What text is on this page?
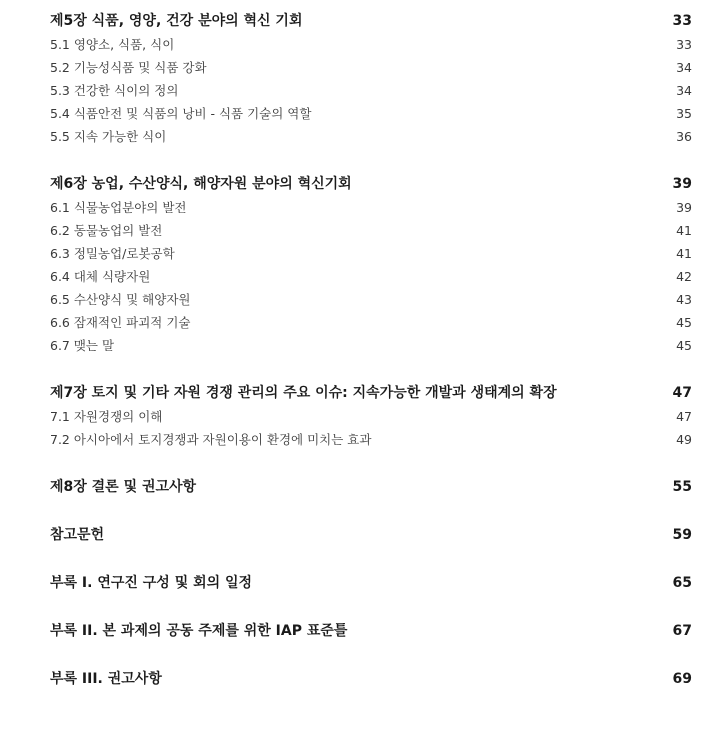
제5장 식품, 영양, 건강 분야의 혁신 기회	33
5.1 영양소, 식품, 식이	33
5.2 기능성식품 및 식품 강화	34
5.3 건강한 식이의 정의	34
5.4 식품안전 및 식품의 낭비 - 식품 기술의 역할	35
5.5 지속 가능한 식이	36
제6장 농업, 수산양식, 해양자원 분야의 혁신기회	39
6.1 식물농업분야의 발전	39
6.2 동물농업의 발전	41
6.3 정밀농업/로봇공학	41
6.4 대체 식량자원	42
6.5 수산양식 및 해양자원	43
6.6 잠재적인 파괴적 기술	45
6.7 맺는 말	45
제7장 토지 및 기타 자원 경쟁 관리의 주요 이슈: 지속가능한 개발과 생태계의 확장	47
7.1 자원경쟁의 이해	47
7.2 아시아에서 토지경쟁과 자원이용이 환경에 미치는 효과	49
제8장 결론 및 권고사항	55
참고문헌	59
부록 I. 연구진 구성 및 회의 일정	65
부록 II. 본 과제의 공동 주제를 위한 IAP 표준틀	67
부록 III. 권고사항	69
